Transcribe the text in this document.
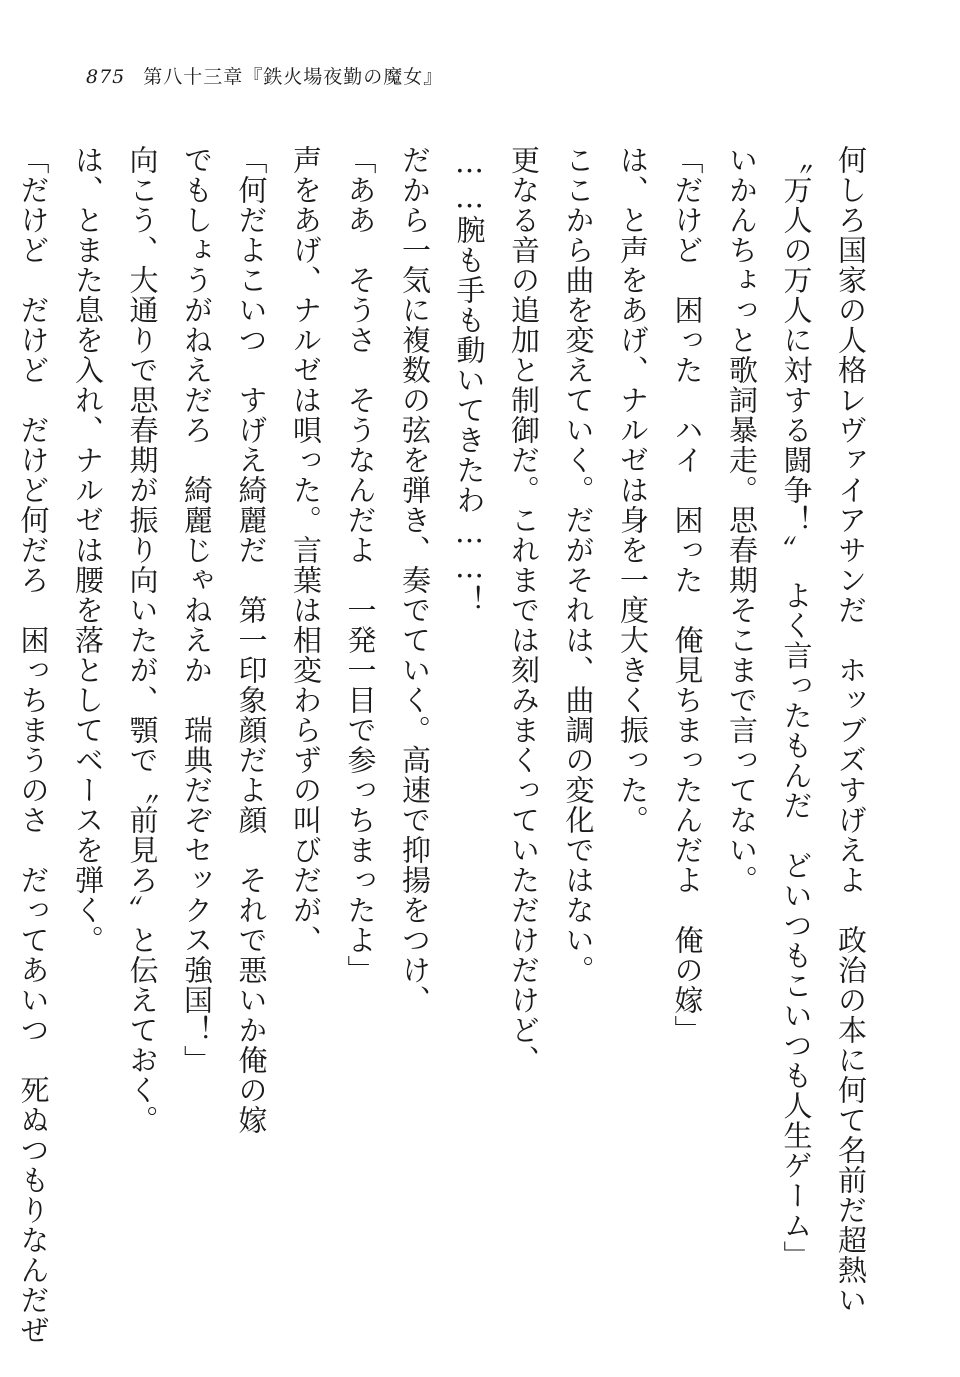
875 第八十三章『鉄火場夜勤の魔女』
何しろ国家の人格レヴァイアサンだ　ホッブズすげえよ　政治の本に何て名前だ超熱い
〝万人の万人に対する闘争！〟　よく言ったもんだ　どいつもこいつも人生ゲーム」
いかんちょっと歌詞暴走。思春期そこまで言ってない。
「だけど　困った　ハイ　困った　俺見ちまったんだよ　俺の嫁」
は、と声をあげ、ナルゼは身を一度大きく振った。
ここから曲を変えていく。だがそれは、曲調の変化ではない。
更なる音の追加と制御だ。これまでは刻みまくっていただけだけど、
……腕も手も動いてきたわ……！
だから一気に複数の弦を弾き、奏でていく。高速で抑揚をつけ、
「ああ　そうさ　そうなんだよ　一発一目で参っちまったよ」
声をあげ、ナルゼは唄った。言葉は相変わらずの叫びだが、
「何だよこいつ　すげえ綺麗だ　第一印象顔だよ顔　それで悪いか俺の嫁
でもしょうがねえだろ　綺麗じゃねえか　瑞典だぞセックス強国！」
向こう、大通りで思春期が振り向いたが、顎で〝前見ろ〟と伝えておく。
は、とまた息を入れ、ナルゼは腰を落としてベースを弾く。
「だけど　だけど　だけど何だろ　困っちまうのさ　だってあいつ　死ぬつもりなんだぜ
